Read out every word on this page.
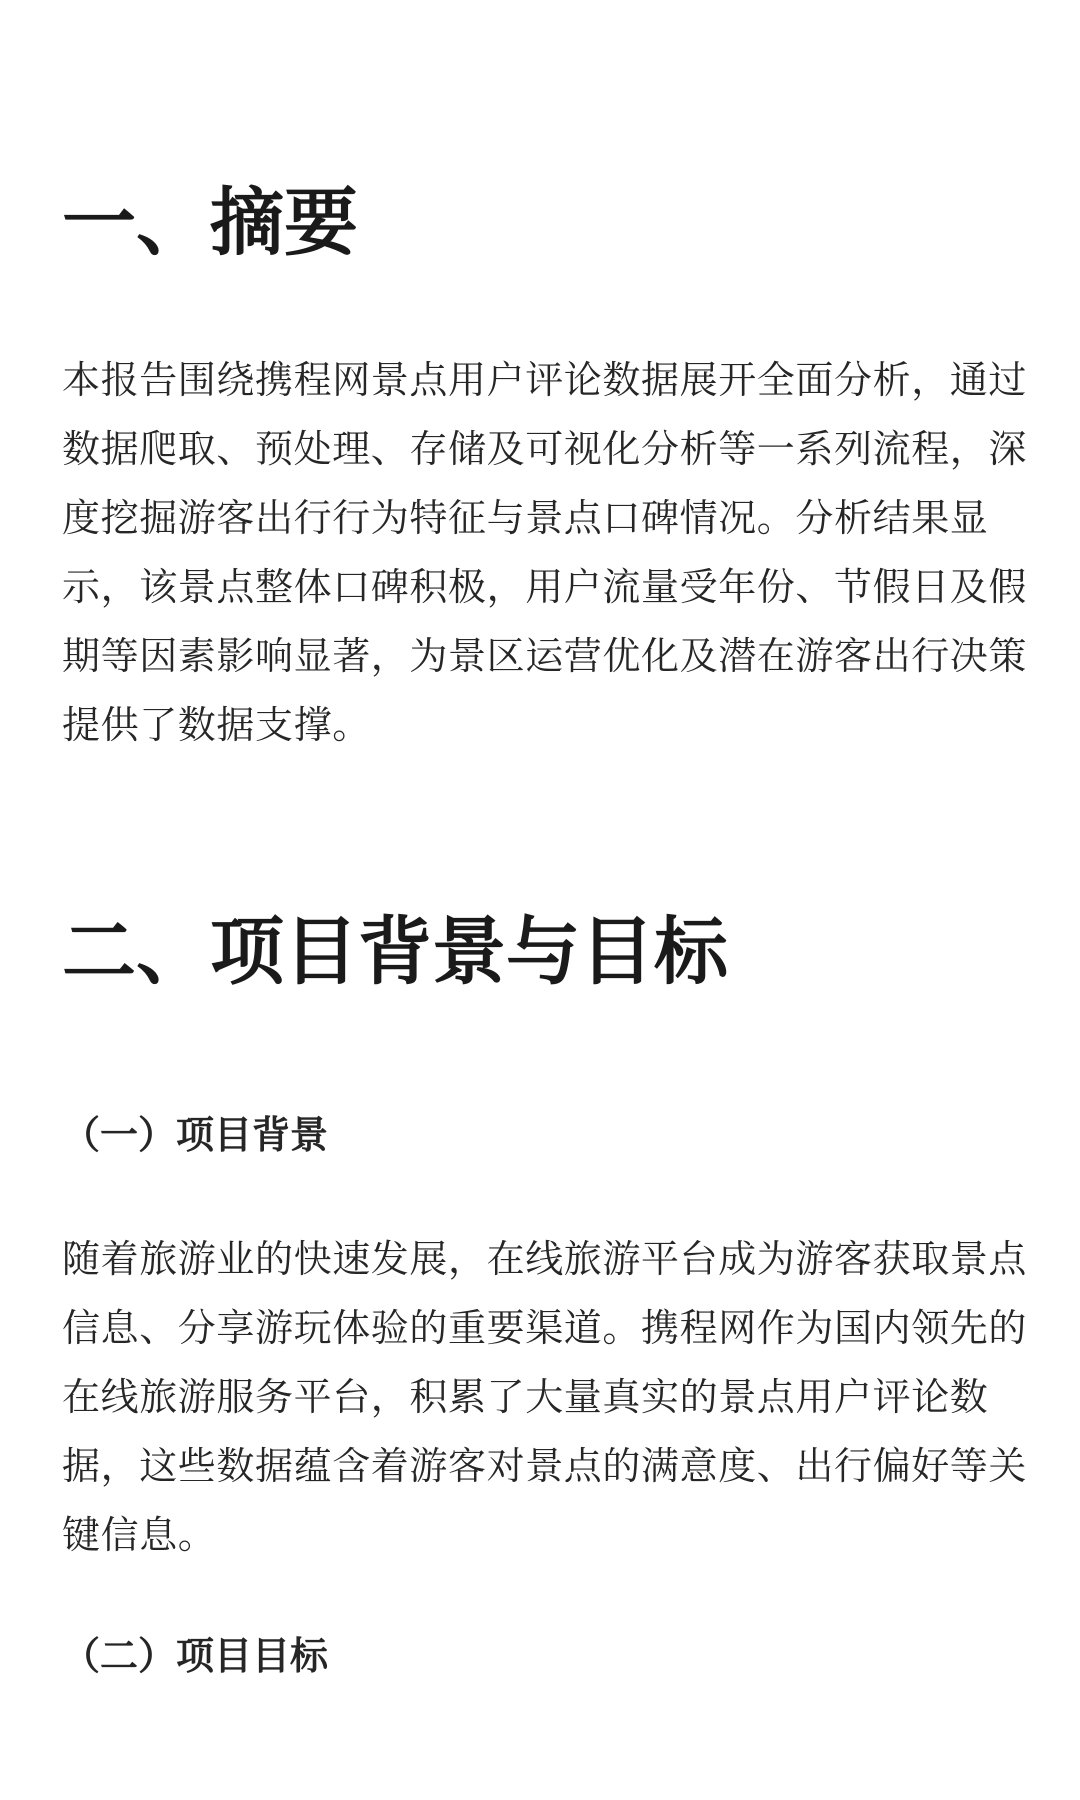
一、摘要

本报告围绕携程网景点用户评论数据展开全面分析，通过数据爬取、预处理、存储及可视化分析等一系列流程，深度挖掘游客出行行为特征与景点口碑情况。分析结果显示，该景点整体口碑积极，用户流量受年份、节假日及假期等因素影响显著，为景区运营优化及潜在游客出行决策提供了数据支撑。

二、项目背景与目标
（一）项目背景

随着旅游业的快速发展，在线旅游平台成为游客获取景点信息、分享游玩体验的重要渠道。携程网作为国内领先的在线旅游服务平台，积累了大量真实的景点用户评论数据，这些数据蕴含着游客对景点的满意度、出行偏好等关键信息。

（二）项目目标
